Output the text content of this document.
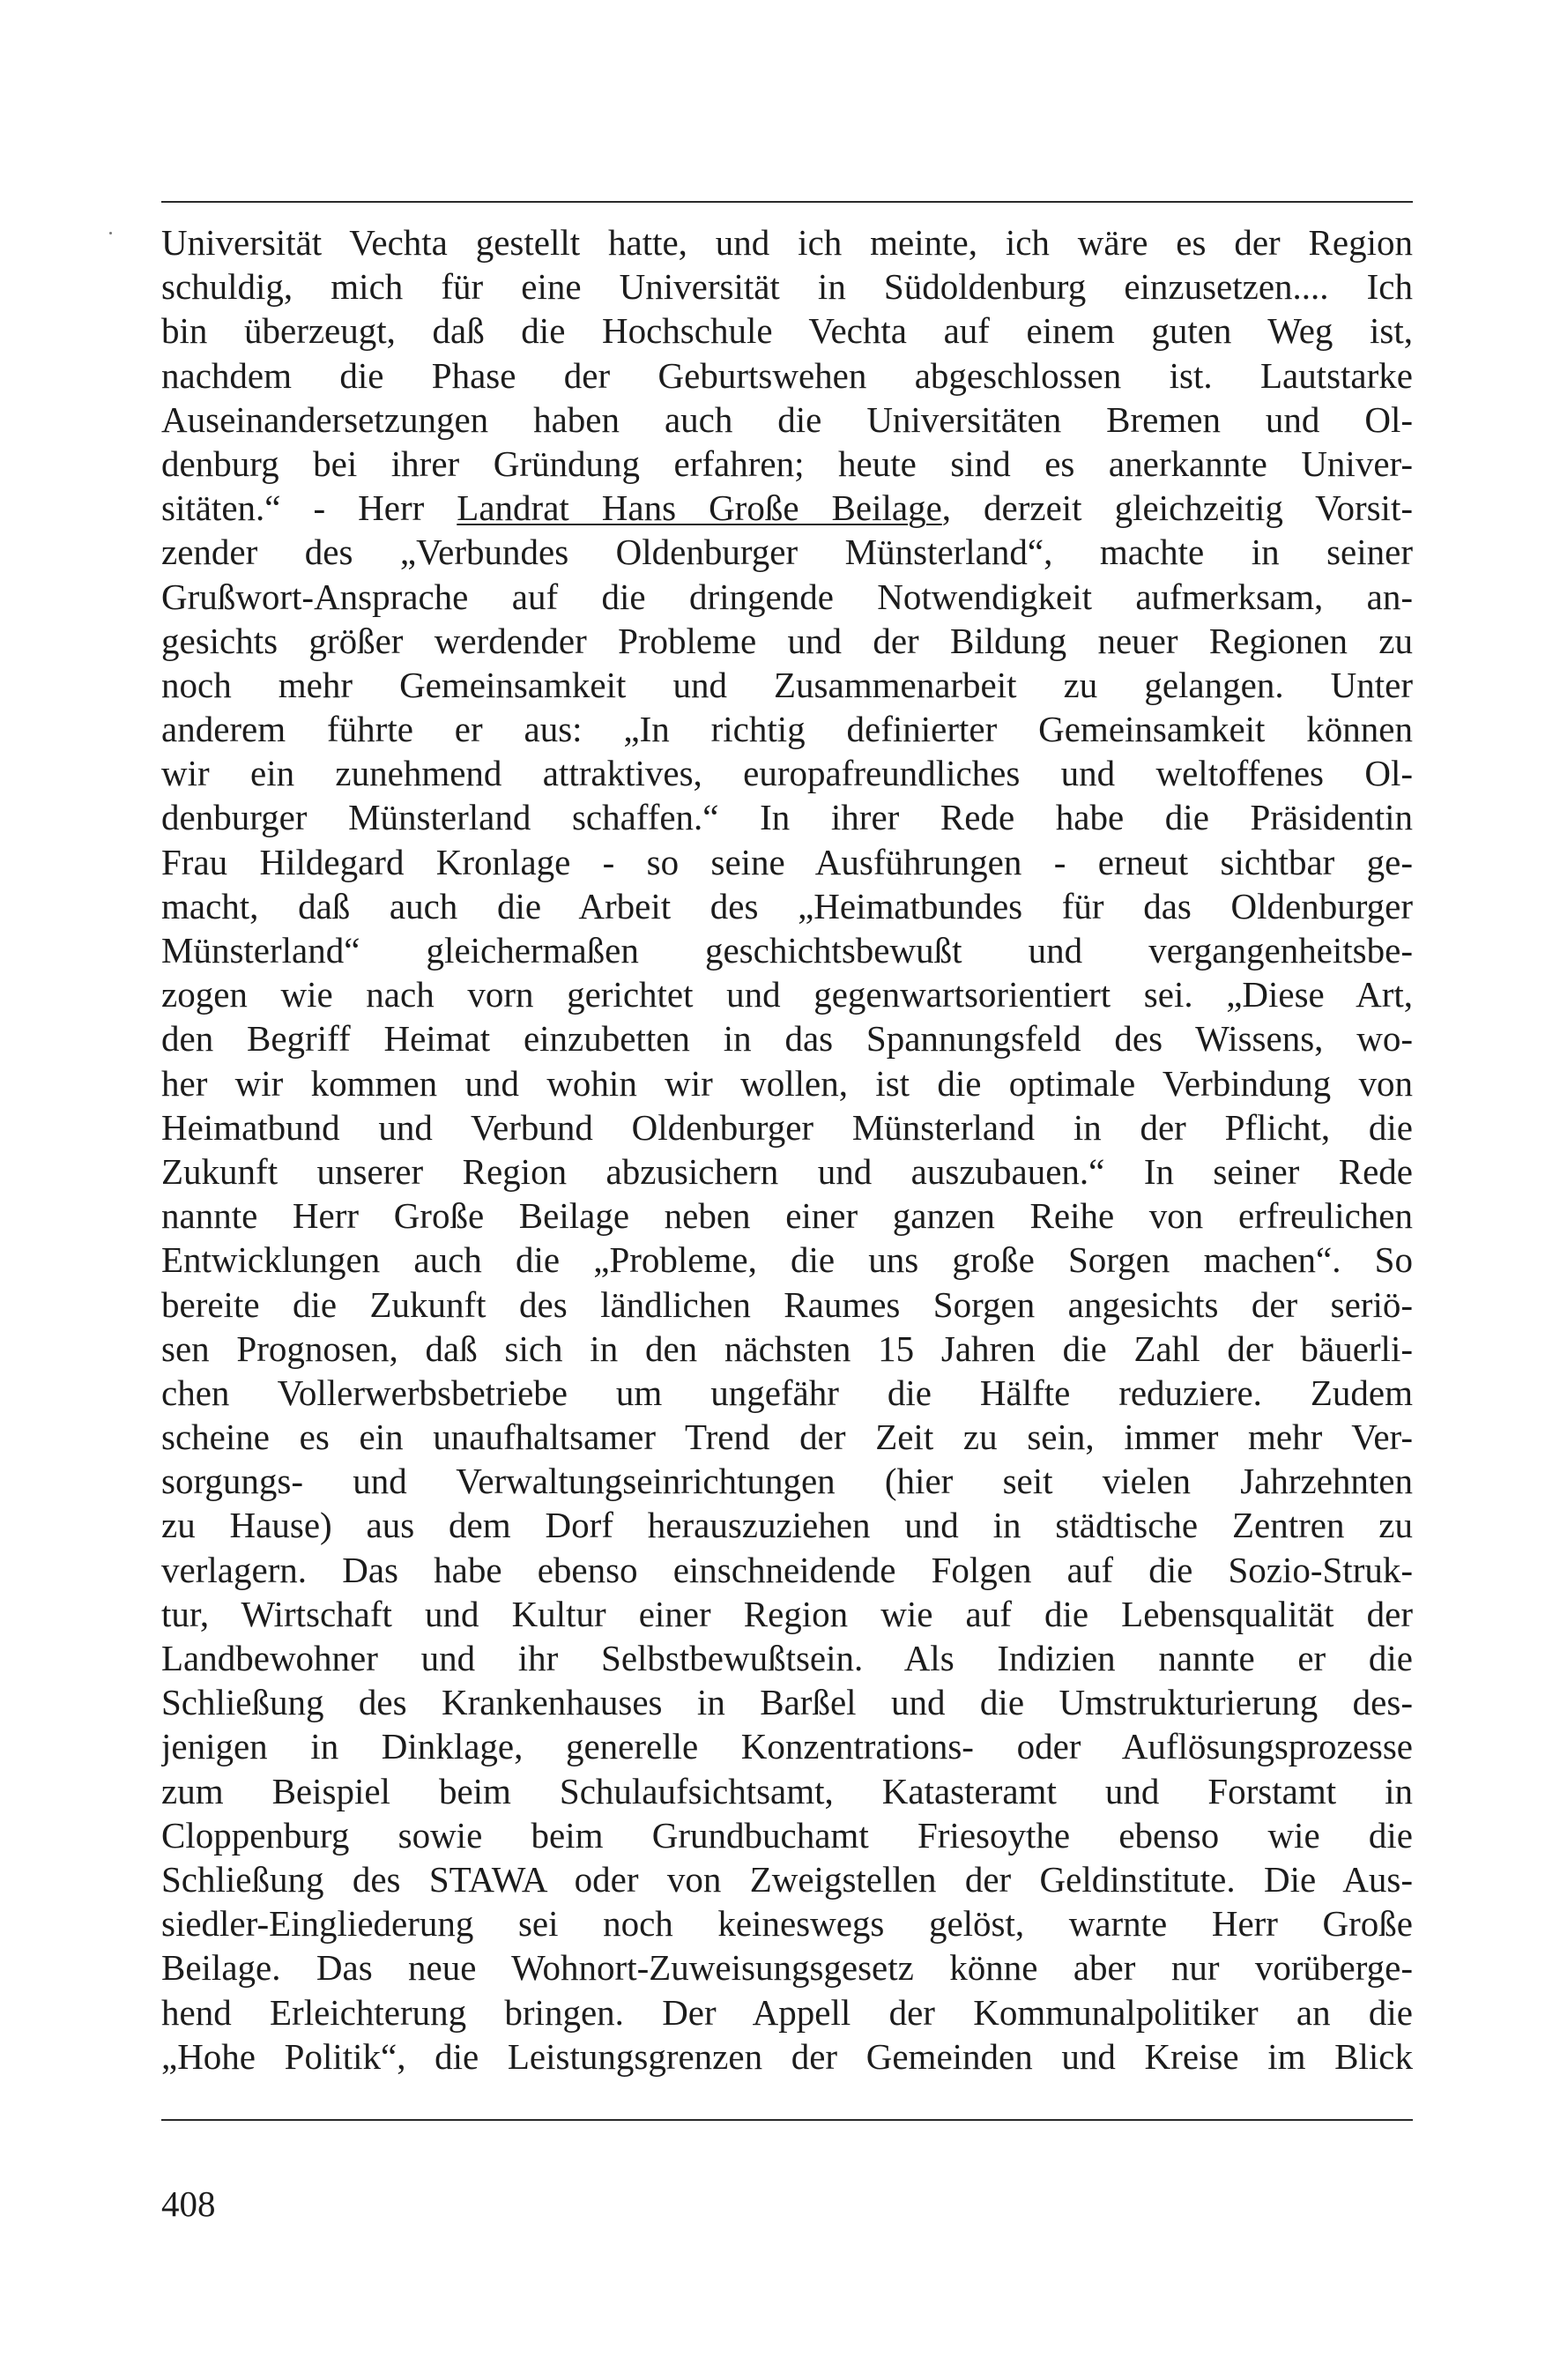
Universität Vechta gestellt hatte, und ich meinte, ich wäre es der Region
schuldig, mich für eine Universität in Südoldenburg einzusetzen.... Ich
bin überzeugt, daß die Hochschule Vechta auf einem guten Weg ist,
nachdem die Phase der Geburtswehen abgeschlossen ist. Lautstarke
Auseinandersetzungen haben auch die Universitäten Bremen und Ol-
denburg bei ihrer Gründung erfahren; heute sind es anerkannte Univer-
sitäten.“ - Herr Landrat Hans Große Beilage, derzeit gleichzeitig Vorsit-
zender des „Verbundes Oldenburger Münsterland“, machte in seiner
Grußwort-Ansprache auf die dringende Notwendigkeit aufmerksam, an-
gesichts größer werdender Probleme und der Bildung neuer Regionen zu
noch mehr Gemeinsamkeit und Zusammenarbeit zu gelangen. Unter
anderem führte er aus: „In richtig definierter Gemeinsamkeit können
wir ein zunehmend attraktives, europafreundliches und weltoffenes Ol-
denburger Münsterland schaffen.“ In ihrer Rede habe die Präsidentin
Frau Hildegard Kronlage - so seine Ausführungen - erneut sichtbar ge-
macht, daß auch die Arbeit des „Heimatbundes für das Oldenburger
Münsterland“ gleichermaßen geschichtsbewußt und vergangenheitsbe-
zogen wie nach vorn gerichtet und gegenwartsorientiert sei. „Diese Art,
den Begriff Heimat einzubetten in das Spannungsfeld des Wissens, wo-
her wir kommen und wohin wir wollen, ist die optimale Verbindung von
Heimatbund und Verbund Oldenburger Münsterland in der Pflicht, die
Zukunft unserer Region abzusichern und auszubauen.“ In seiner Rede
nannte Herr Große Beilage neben einer ganzen Reihe von erfreulichen
Entwicklungen auch die „Probleme, die uns große Sorgen machen“. So
bereite die Zukunft des ländlichen Raumes Sorgen angesichts der seriö-
sen Prognosen, daß sich in den nächsten 15 Jahren die Zahl der bäuerli-
chen Vollerwerbsbetriebe um ungefähr die Hälfte reduziere. Zudem
scheine es ein unaufhaltsamer Trend der Zeit zu sein, immer mehr Ver-
sorgungs- und Verwaltungseinrichtungen (hier seit vielen Jahrzehnten
zu Hause) aus dem Dorf herauszuziehen und in städtische Zentren zu
verlagern. Das habe ebenso einschneidende Folgen auf die Sozio-Struk-
tur, Wirtschaft und Kultur einer Region wie auf die Lebensqualität der
Landbewohner und ihr Selbstbewußtsein. Als Indizien nannte er die
Schließung des Krankenhauses in Barßel und die Umstrukturierung des-
jenigen in Dinklage, generelle Konzentrations- oder Auflösungsprozesse
zum Beispiel beim Schulaufsichtsamt, Katasteramt und Forstamt in
Cloppenburg sowie beim Grundbuchamt Friesoythe ebenso wie die
Schließung des STAWA oder von Zweigstellen der Geldinstitute. Die Aus-
siedler-Eingliederung sei noch keineswegs gelöst, warnte Herr Große
Beilage. Das neue Wohnort-Zuweisungsgesetz könne aber nur vorüberge-
hend Erleichterung bringen. Der Appell der Kommunalpolitiker an die
„Hohe Politik“, die Leistungsgrenzen der Gemeinden und Kreise im Blick
408
